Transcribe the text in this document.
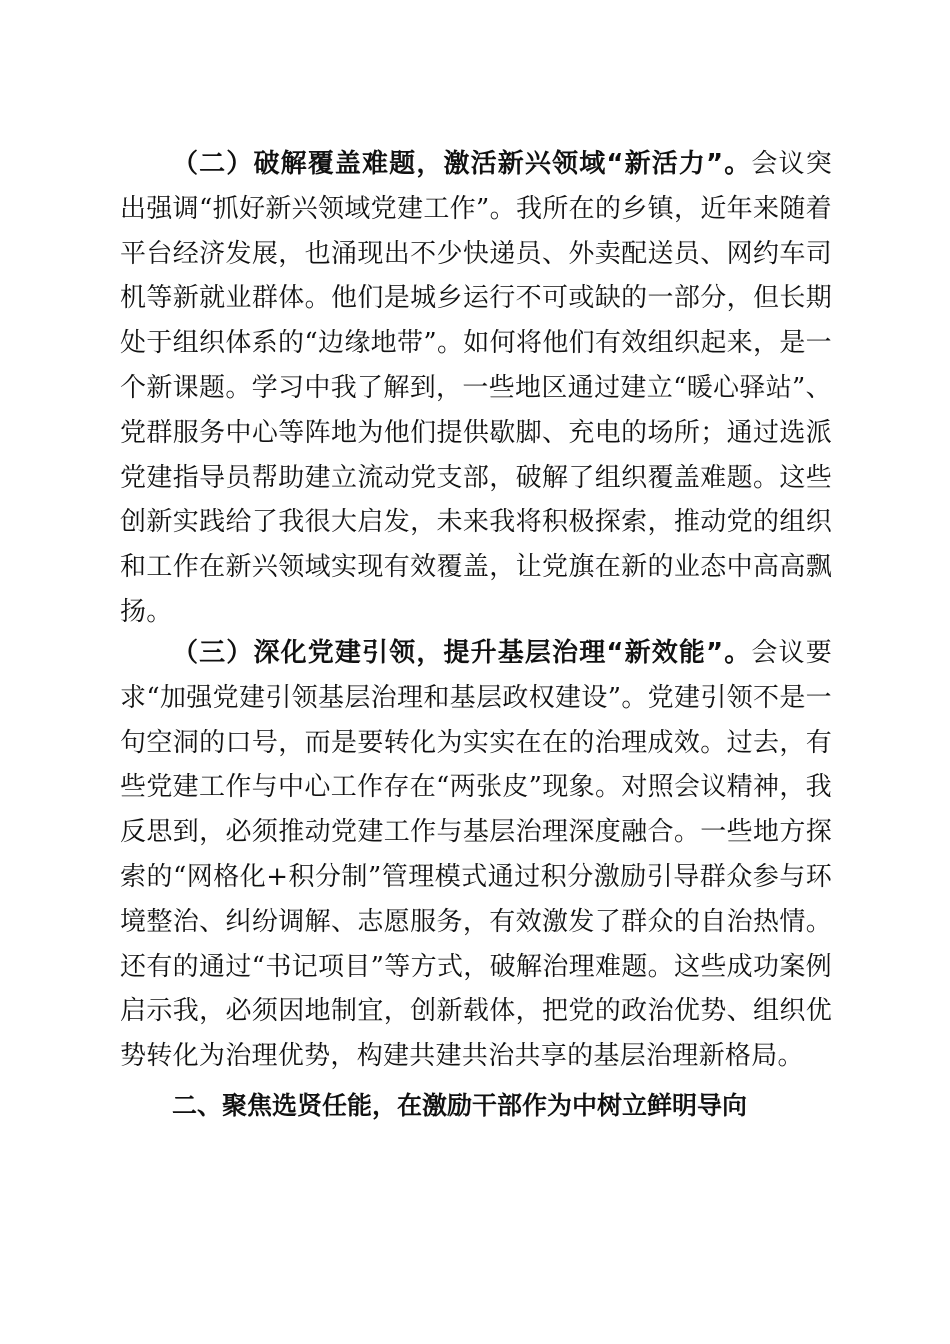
（二）破解覆盖难题，激活新兴领域“新活力”。会议突出强调“抓好新兴领域党建工作”。我所在的乡镇，近年来随着平台经济发展，也涌现出不少快递员、外卖配送员、网约车司机等新就业群体。他们是城乡运行不可或缺的一部分，但长期处于组织体系的“边缘地带”。如何将他们有效组织起来，是一个新课题。学习中我了解到，一些地区通过建立“暖心驿站”、党群服务中心等阵地为他们提供歇脚、充电的场所；通过选派党建指导员帮助建立流动党支部，破解了组织覆盖难题。这些创新实践给了我很大启发，未来我将积极探索，推动党的组织和工作在新兴领域实现有效覆盖，让党旗在新的业态中高高飘扬。

（三）深化党建引领，提升基层治理“新效能”。会议要求“加强党建引领基层治理和基层政权建设”。党建引领不是一句空洞的口号，而是要转化为实实在在的治理成效。过去，有些党建工作与中心工作存在“两张皮”现象。对照会议精神，我反思到，必须推动党建工作与基层治理深度融合。一些地方探索的“网格化+积分制”管理模式通过积分激励引导群众参与环境整治、纠纷调解、志愿服务，有效激发了群众的自治热情。还有的通过“书记项目”等方式，破解治理难题。这些成功案例启示我，必须因地制宜，创新载体，把党的政治优势、组织优势转化为治理优势，构建共建共治共享的基层治理新格局。

二、聚焦选贤任能，在激励干部作为中树立鲜明导向
